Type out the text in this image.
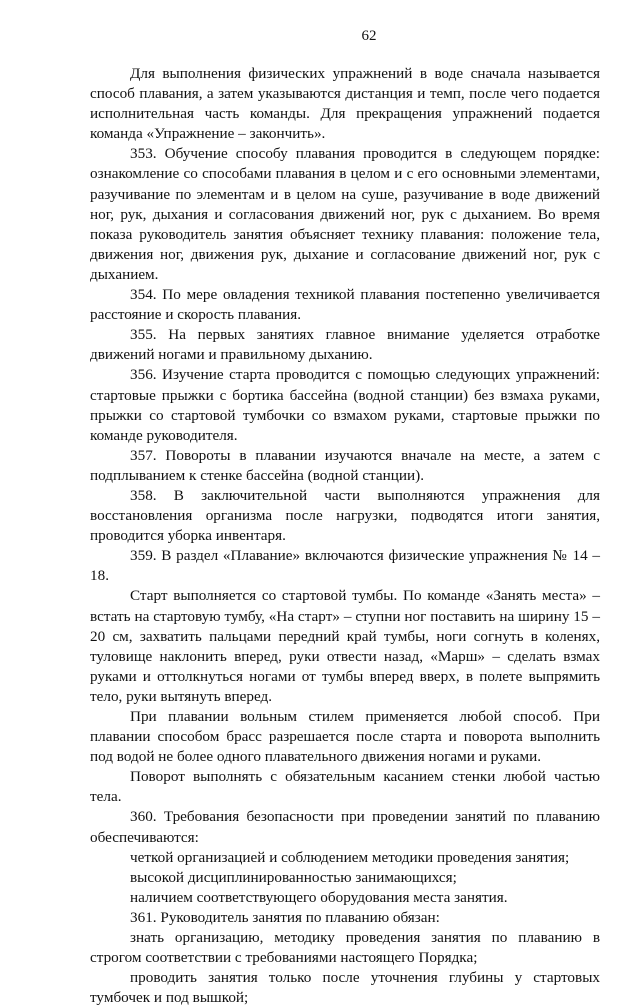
62

Для выполнения физических упражнений в воде сначала называется способ плавания, а затем указываются дистанция и темп, после чего подается исполнительная часть команды. Для прекращения упражнений подается команда «Упражнение – закончить».

353. Обучение способу плавания проводится в следующем порядке: ознакомление со способами плавания в целом и с его основными элементами, разучивание по элементам и в целом на суше, разучивание в воде движений ног, рук, дыхания и согласования движений ног, рук с дыханием. Во время показа руководитель занятия объясняет технику плавания: положение тела, движения ног, движения рук, дыхание и согласование движений ног, рук с дыханием.

354. По мере овладения техникой плавания постепенно увеличивается расстояние и скорость плавания.

355. На первых занятиях главное внимание уделяется отработке движений ногами и правильному дыханию.

356. Изучение старта проводится с помощью следующих упражнений: стартовые прыжки с бортика бассейна (водной станции) без взмаха руками, прыжки со стартовой тумбочки со взмахом руками, стартовые прыжки по команде руководителя.

357. Повороты в плавании изучаются вначале на месте, а затем с подплыванием к стенке бассейна (водной станции).

358. В заключительной части выполняются упражнения для восстановления организма после нагрузки, подводятся итоги занятия, проводится уборка инвентаря.

359. В раздел «Плавание» включаются физические упражнения № 14 – 18.

Старт выполняется со стартовой тумбы. По команде «Занять места» – встать на стартовую тумбу, «На старт» – ступни ног поставить на ширину 15 – 20 см, захватить пальцами передний край тумбы, ноги согнуть в коленях, туловище наклонить вперед, руки отвести назад, «Марш» – сделать взмах руками и оттолкнуться ногами от тумбы вперед вверх, в полете выпрямить тело, руки вытянуть вперед.

При плавании вольным стилем применяется любой способ. При плавании способом брасс разрешается после старта и поворота выполнить под водой не более одного плавательного движения ногами и руками.

Поворот выполнять с обязательным касанием стенки любой частью тела.

360. Требования безопасности при проведении занятий по плаванию обеспечиваются:

четкой организацией и соблюдением методики проведения занятия;

высокой дисциплинированностью занимающихся;

наличием соответствующего оборудования места занятия.

361. Руководитель занятия по плаванию обязан:

знать организацию, методику проведения занятия по плаванию в строгом соответствии с требованиями настоящего Порядка;

проводить занятия только после уточнения глубины у стартовых тумбочек и под вышкой;
